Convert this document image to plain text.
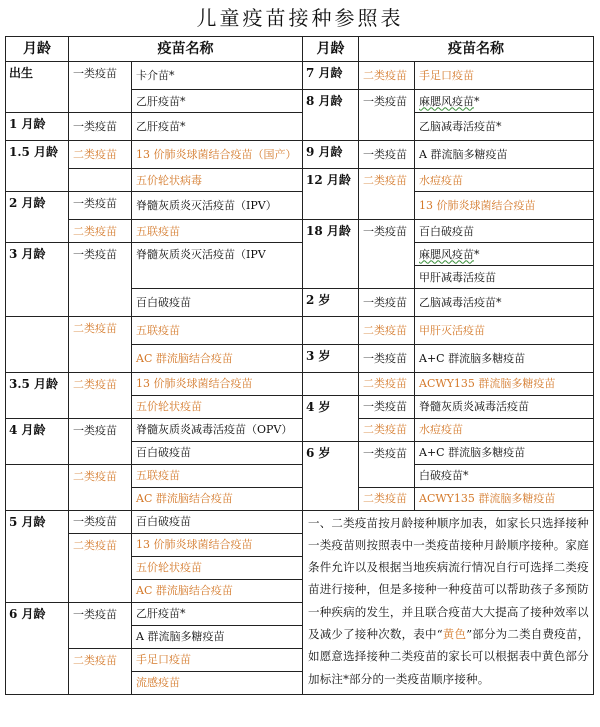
儿童疫苗接种参照表
月龄	疫苗名称		月龄	疫苗名称	
出生	一类疫苗	卡介苗*	7 月龄	二类疫苗	手足口疫苗
		乙肝疫苗*	8 月龄	一类疫苗	麻腮风疫苗*
1 月龄	一类疫苗	乙肝疫苗*			乙脑减毒活疫苗*
1.5 月龄	二类疫苗	13 价肺炎球菌结合疫苗（国产）	9 月龄	一类疫苗	A 群流脑多糖疫苗
		五价轮状病毒	12 月龄	二类疫苗	水痘疫苗
2 月龄	一类疫苗	脊髓灰质炎灭活疫苗（IPV）			13 价肺炎球菌结合疫苗
	二类疫苗	五联疫苗	18 月龄	一类疫苗	百白破疫苗
3 月龄	一类疫苗	脊髓灰质炎灭活疫苗（IPV			麻腮风疫苗*
					甲肝减毒活疫苗
		百白破疫苗	2 岁	一类疫苗	乙脑减毒活疫苗*
	二类疫苗	五联疫苗		二类疫苗	甲肝灭活疫苗
		AC 群流脑结合疫苗	3 岁	一类疫苗	A+C 群流脑多糖疫苗
3.5 月龄	二类疫苗	13 价肺炎球菌结合疫苗		二类疫苗	ACWY135 群流脑多糖疫苗
		五价轮状疫苗	4 岁	一类疫苗	脊髓灰质炎减毒活疫苗
4 月龄	一类疫苗	脊髓灰质炎减毒活疫苗（OPV）		二类疫苗	水痘疫苗
		百白破疫苗	6 岁	一类疫苗	A+C 群流脑多糖疫苗
	二类疫苗	五联疫苗			白破疫苗*
		AC 群流脑结合疫苗		二类疫苗	ACWY135 群流脑多糖疫苗
5 月龄	一类疫苗	百白破疫苗	一、二类疫苗按月龄接种顺序加表，如家长只选择接种一类疫苗则按照表中一类疫苗接种月龄顺序接种。家庭条件允许以及根据当地疾病流行情况自行可选择二类疫苗进行接种，但是多接种一种疫苗可以帮助孩子多预防一种疾病的发生，并且联合疫苗大大提高了接种效率以及减少了接种次数，表中“黄色”部分为二类自费疫苗，如愿意选择接种二类疫苗的家长可以根据表中黄色部分加标注*部分的一类疫苗顺序接种。		
	二类疫苗	13 价肺炎球菌结合疫苗			
		五价轮状疫苗			
		AC 群流脑结合疫苗			
6 月龄	一类疫苗	乙肝疫苗*			
		A 群流脑多糖疫苗			
	二类疫苗	手足口疫苗			
		流感疫苗			
